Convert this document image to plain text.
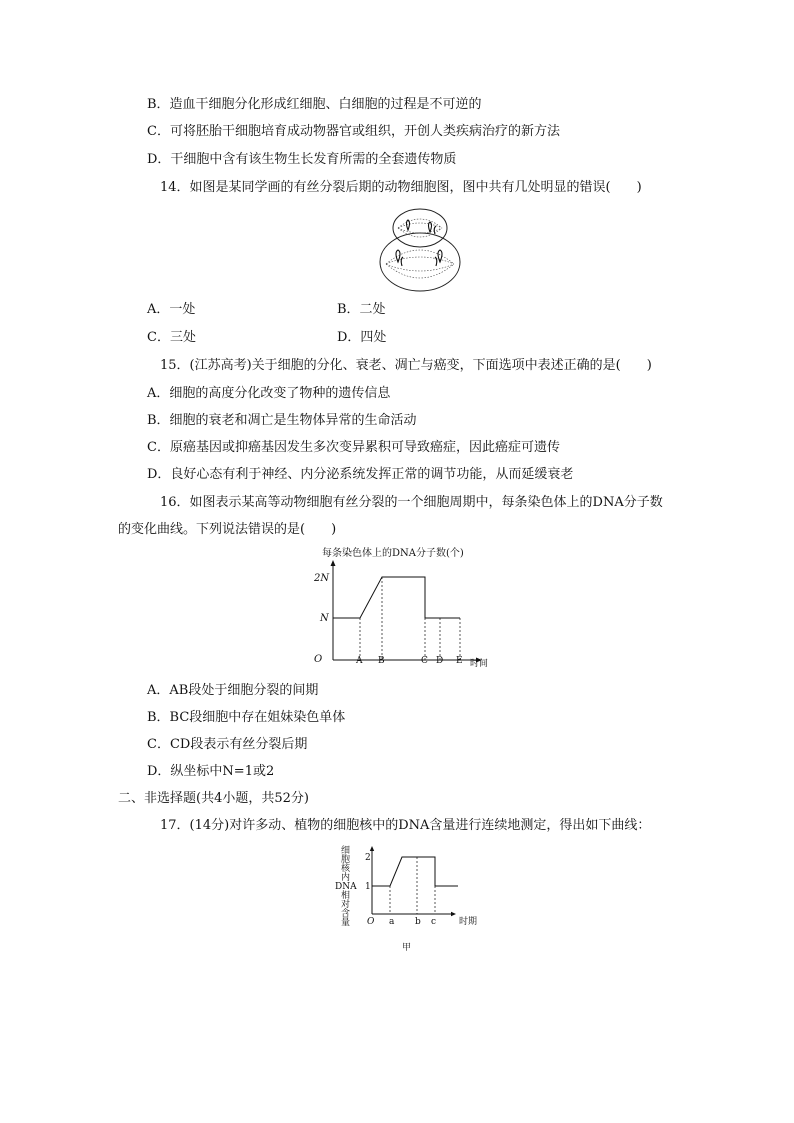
B．造血干细胞分化形成红细胞、白细胞的过程是不可逆的
C．可将胚胎干细胞培育成动物器官或组织，开创人类疾病治疗的新方法
D．干细胞中含有该生物生长发育所需的全套遗传物质
14．如图是某同学画的有丝分裂后期的动物细胞图，图中共有几处明显的错误(　　)
A．一处	B．二处
C．三处	D．四处
15．(江苏高考)关于细胞的分化、衰老、凋亡与癌变，下面选项中表述正确的是(　　)
A．细胞的高度分化改变了物种的遗传信息
B．细胞的衰老和凋亡是生物体异常的生命活动
C．原癌基因或抑癌基因发生多次变异累积可导致癌症，因此癌症可遗传
D．良好心态有利于神经、内分泌系统发挥正常的调节功能，从而延缓衰老
16．如图表示某高等动物细胞有丝分裂的一个细胞周期中，每条染色体上的DNA分子数
的变化曲线。下列说法错误的是(　　)
每条染色体上的DNA分子数(个)
2N
N
O	A B	C D E 时间
A．AB段处于细胞分裂的间期
B．BC段细胞中存在姐妹染色单体
C．CD段表示有丝分裂后期
D．纵坐标中N=1或2
二、非选择题(共4小题，共52分)
17．(14分)对许多动、植物的细胞核中的DNA含量进行连续地测定，得出如下曲线：
细 胞 核 内 DNA 相 对 含 量
2
1
O a b c	时期
甲
